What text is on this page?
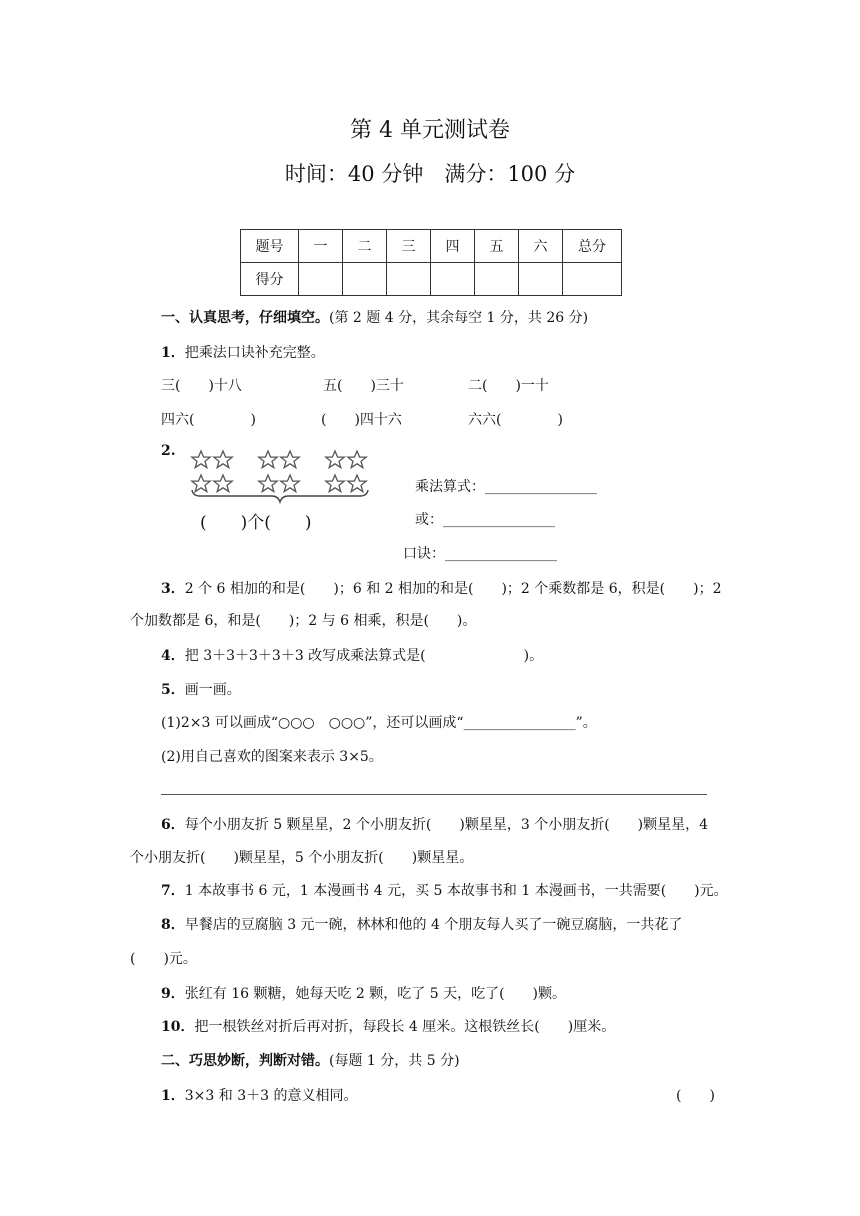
第 4 单元测试卷
时间：40 分钟　满分：100 分
题号	一	二	三	四	五	六	总分
得分							
一、认真思考，仔细填空。(第 2 题 4 分，其余每空 1 分，共 26 分)
1．把乘法口诀补充完整。
三(　　)十八	五(　　)三十	二(　　)一十
四六(　　　　)	(　　)四十六	六六(　　　　)
2.
(　　)个(　　)
乘法算式：________________
或：________________
口诀：________________
3．2 个 6 相加的和是(　　)；6 和 2 相加的和是(　　)；2 个乘数都是 6，积是(　　)；2
个加数都是 6，和是(　　)；2 与 6 相乘，积是(　　)。
4．把 3＋3＋3＋3＋3 改写成乘法算式是(　　　　　　　)。
5．画一画。
(1)2×3 可以画成“○○○　○○○”，还可以画成“________________”。
(2)用自己喜欢的图案来表示 3×5。
6．每个小朋友折 5 颗星星，2 个小朋友折(　　)颗星星，3 个小朋友折(　　)颗星星，4
个小朋友折(　　)颗星星，5 个小朋友折(　　)颗星星。
7．1 本故事书 6 元，1 本漫画书 4 元，买 5 本故事书和 1 本漫画书，一共需要(　　)元。
8．早餐店的豆腐脑 3 元一碗，林林和他的 4 个朋友每人买了一碗豆腐脑，一共花了
(　　)元。
9．张红有 16 颗糖，她每天吃 2 颗，吃了 5 天，吃了(　　)颗。
10．把一根铁丝对折后再对折，每段长 4 厘米。这根铁丝长(　　)厘米。
二、巧思妙断，判断对错。(每题 1 分，共 5 分)
1．3×3 和 3＋3 的意义相同。	(　　)
